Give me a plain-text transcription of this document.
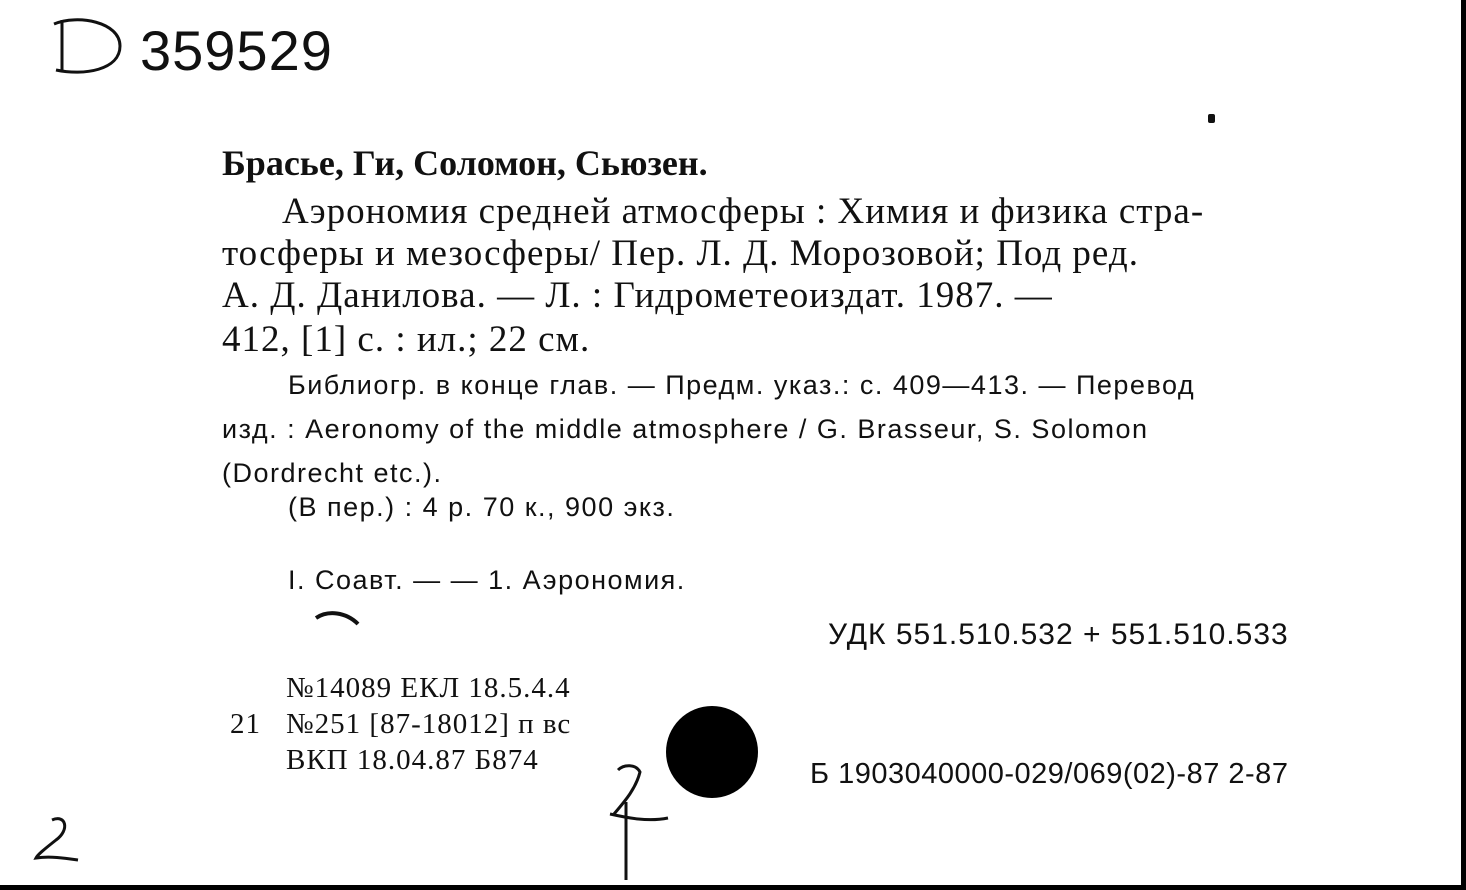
359529
Брасье, Ги, Соломон, Сьюзен.
Аэрономия средней атмосферы : Химия и физика стра-
тосферы и мезосферы/ Пер. Л. Д. Морозовой; Под ред.
А. Д. Данилова. — Л. : Гидрометеоиздат. 1987. —
412, [1] с. : ил.; 22 см.
Библиогр. в конце глав. — Предм. указ.: с. 409—413. — Перевод
изд. : Aeronomy of the middle atmosphere / G. Brasseur, S. Solomon
(Dordrecht etc.).
(В пер.) : 4 р. 70 к., 900 экз.
I. Соавт. — — 1. Аэрономия.
УДК 551.510.532 + 551.510.533
№14089 ЕКЛ 18.5.4.4
21 №251 [87-18012] п вс
ВКП 18.04.87 Б874	Б 1903040000-029/069(02)-87 2-87
